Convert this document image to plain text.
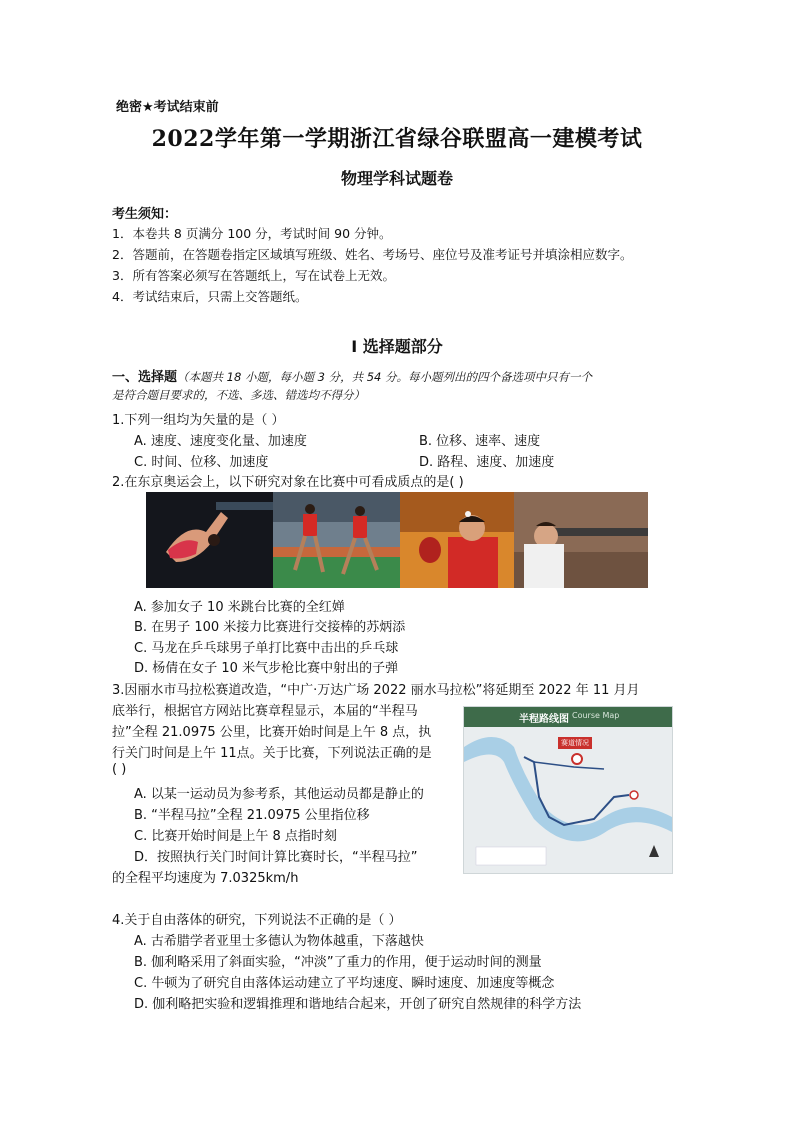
绝密★考试结束前
2022学年第一学期浙江省绿谷联盟高一建模考试
物理学科试题卷
考生须知：
1．本卷共 8 页满分 100 分，考试时间 90 分钟。
2．答题前，在答题卷指定区域填写班级、姓名、考场号、座位号及准考证号并填涂相应数字。
3．所有答案必须写在答题纸上，写在试卷上无效。
4．考试结束后，只需上交答题纸。
Ⅰ 选择题部分
一、选择题（本题共 18 小题，每小题 3 分，共 54 分。每小题列出的四个备选项中只有一个
是符合题目要求的，不选、多选、错选均不得分）
1.下列一组均为矢量的是（ ）
A. 速度、速度变化量、加速度	B. 位移、速率、速度
C. 时间、位移、加速度	D. 路程、速度、加速度
2.在东京奥运会上，以下研究对象在比赛中可看成质点的是( )
A. 参加女子 10 米跳台比赛的全红婵
B. 在男子 100 米接力比赛进行交接棒的苏炳添
C. 马龙在乒乓球男子单打比赛中击出的乒乓球
D. 杨倩在女子 10 米气步枪比赛中射出的子弹
3.因丽水市马拉松赛道改造，“中广·万达广场 2022 丽水马拉松”将延期至 2022 年 11 月月
底举行，根据官方网站比赛章程显示，本届的“半程马
拉”全程 21.0975 公里，比赛开始时间是上午 8 点，执
行关门时间是上午 11点。关于比赛，下列说法正确的是
( )
A. 以某一运动员为参考系，其他运动员都是静止的
B. “半程马拉”全程 21.0975 公里指位移
C. 比赛开始时间是上午 8 点指时刻
D．按照执行关门时间计算比赛时长，“半程马拉”
的全程平均速度为 7.0325km/h
半程路线图 Course Map
赛道情况
4.关于自由落体的研究，下列说法不正确的是（ ）
A. 古希腊学者亚里士多德认为物体越重，下落越快
B. 伽利略采用了斜面实验，“冲淡”了重力的作用，便于运动时间的测量
C. 牛顿为了研究自由落体运动建立了平均速度、瞬时速度、加速度等概念
D. 伽利略把实验和逻辑推理和谐地结合起来，开创了研究自然规律的科学方法
